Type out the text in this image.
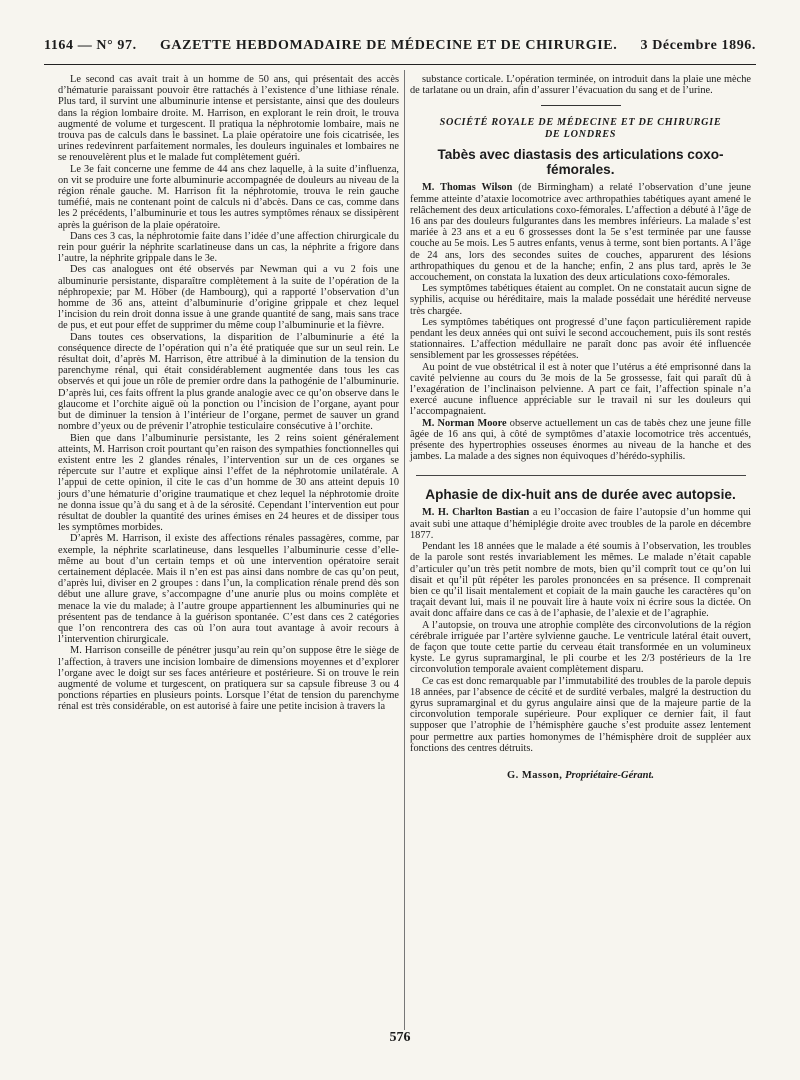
1164 — N° 97. GAZETTE HEBDOMADAIRE DE MÉDECINE ET DE CHIRURGIE. 3 Décembre 1896.

Le second cas avait trait à un homme de 50 ans, qui présentait des accès d’hématurie paraissant pouvoir être rattachés à l’existence d’une lithiase rénale. Plus tard, il survint une albuminurie intense et persistante, ainsi que des douleurs dans la région lombaire droite. M. Harrison, en explorant le rein droit, le trouva augmenté de volume et turgescent. Il pratiqua la néphrotomie lombaire, mais ne trouva pas de calculs dans le bassinet. La plaie opératoire une fois cicatrisée, les urines redevinrent parfaitement normales, les douleurs inguinales et lombaires ne se renouvelèrent plus et le malade fut complètement guéri.

Le 3e fait concerne une femme de 44 ans chez laquelle, à la suite d’influenza, on vit se produire une forte albuminurie accompagnée de douleurs au niveau de la région rénale gauche. M. Harrison fit la néphrotomie, trouva le rein gauche tuméfié, mais ne contenant point de calculs ni d’abcès. Dans ce cas, comme dans les 2 précédents, l’albuminurie et tous les autres symptômes rénaux se dissipèrent après la guérison de la plaie opératoire.

Dans ces 3 cas, la néphrotomie faite dans l’idée d’une affection chirurgicale du rein pour guérir la néphrite scarlatineuse dans un cas, la néphrite a frigore dans l’autre, la néphrite grippale dans le 3e.

Des cas analogues ont été observés par Newman qui a vu 2 fois une albuminurie persistante, disparaître complètement à la suite de l’opération de la néphropexie; par M. Höber (de Hambourg), qui a rapporté l’observation d’un homme de 36 ans, atteint d’albuminurie d’origine grippale et chez lequel l’incision du rein droit donna issue à une grande quantité de sang, mais sans trace de pus, et eut pour effet de supprimer du même coup l’albuminurie et la fièvre.

Dans toutes ces observations, la disparition de l’albuminurie a été la conséquence directe de l’opération qui n’a été pratiquée que sur un seul rein. Le résultat doit, d’après M. Harrison, être attribué à la diminution de la tension du parenchyme rénal, qui était considérablement augmentée dans tous les cas observés et qui joue un rôle de premier ordre dans la pathogénie de l’albuminurie. D’après lui, ces faits offrent la plus grande analogie avec ce qu’on observe dans le glaucome et l’orchite aiguë où la ponction ou l’incision de l’organe, ayant pour but de diminuer la tension à l’intérieur de l’organe, permet de sauver un grand nombre d’yeux ou de prévenir l’atrophie testiculaire consécutive à l’orchite.

Bien que dans l’albuminurie persistante, les 2 reins soient généralement atteints, M. Harrison croit pourtant qu’en raison des sympathies fonctionnelles qui existent entre les 2 glandes rénales, l’intervention sur un de ces organes se répercute sur l’autre et explique ainsi l’effet de la néphrotomie unilatérale. A l’appui de cette opinion, il cite le cas d’un homme de 30 ans atteint depuis 10 jours d’une hématurie d’origine traumatique et chez lequel la néphrotomie droite ne donna issue qu’à du sang et à de la sérosité. Cependant l’intervention eut pour résultat de doubler la quantité des urines émises en 24 heures et de dissiper tous les symptômes morbides.

D’après M. Harrison, il existe des affections rénales passagères, comme, par exemple, la néphrite scarlatineuse, dans lesquelles l’albuminurie cesse d’elle-même au bout d’un certain temps et où une intervention opératoire serait certainement déplacée. Mais il n’en est pas ainsi dans nombre de cas qu’on peut, d’après lui, diviser en 2 groupes : dans l’un, la complication rénale prend dès son début une allure grave, s’accompagne d’une anurie plus ou moins complète et menace la vie du malade; à l’autre groupe appartiennent les albuminuries qui ne présentent pas de tendance à la guérison spontanée. C’est dans ces 2 catégories que l’on rencontrera des cas où l’on aura tout avantage à avoir recours à l’intervention chirurgicale.

M. Harrison conseille de pénétrer jusqu’au rein qu’on suppose être le siège de l’affection, à travers une incision lombaire de dimensions moyennes et d’explorer l’organe avec le doigt sur ses faces antérieure et postérieure. Si on trouve le rein augmenté de volume et turgescent, on pratiquera sur sa capsule fibreuse 3 ou 4 ponctions réparties en plusieurs points. Lorsque l’état de tension du parenchyme rénal est très considérable, on est autorisé à faire une petite incision à travers la

substance corticale. L’opération terminée, on introduit dans la plaie une mèche de tarlatane ou un drain, afin d’assurer l’évacuation du sang et de l’urine.

SOCIÉTÉ ROYALE DE MÉDECINE ET DE CHIRURGIE
DE LONDRES
Tabès avec diastasis des articulations coxo-fémorales.

M. Thomas Wilson (de Birmingham) a relaté l’observation d’une jeune femme atteinte d’ataxie locomotrice avec arthropathies tabétiques ayant amené le relâchement des deux articulations coxo-fémorales. L’affection a débuté à l’âge de 16 ans par des douleurs fulgurantes dans les membres inférieurs. La malade s’est mariée à 23 ans et a eu 6 grossesses dont la 5e s’est terminée par une fausse couche au 5e mois. Les 5 autres enfants, venus à terme, sont bien portants. A l’âge de 24 ans, lors des secondes suites de couches, apparurent des lésions arthropathiques du genou et de la hanche; enfin, 2 ans plus tard, après le 3e accouchement, on constata la luxation des deux articulations coxo-fémorales.

Les symptômes tabétiques étaient au complet. On ne constatait aucun signe de syphilis, acquise ou héréditaire, mais la malade possédait une hérédité nerveuse très chargée.

Les symptômes tabétiques ont progressé d’une façon particulièrement rapide pendant les deux années qui ont suivi le second accouchement, puis ils sont restés stationnaires. L’affection médullaire ne paraît donc pas avoir été influencée sensiblement par les grossesses répétées.

Au point de vue obstétrical il est à noter que l’utérus a été emprisonné dans la cavité pelvienne au cours du 3e mois de la 5e grossesse, fait qui paraît dû à l’exagération de l’inclinaison pelvienne. A part ce fait, l’affection spinale n’a exercé aucune influence appréciable sur le travail ni sur les douleurs qui l’accompagnaient.

M. Norman Moore observe actuellement un cas de tabès chez une jeune fille âgée de 16 ans qui, à côté de symptômes d’ataxie locomotrice très accentués, présente des hypertrophies osseuses énormes au niveau de la hanche et des jambes. La malade a des signes non équivoques d’hérédo-syphilis.

Aphasie de dix-huit ans de durée avec autopsie.

M. H. Charlton Bastian a eu l’occasion de faire l’autopsie d’un homme qui avait subi une attaque d’hémiplégie droite avec troubles de la parole en décembre 1877.

Pendant les 18 années que le malade a été soumis à l’observation, les troubles de la parole sont restés invariablement les mêmes. Le malade n’était capable d’articuler qu’un très petit nombre de mots, bien qu’il comprît tout ce qu’on lui disait et qu’il pût répéter les paroles prononcées en sa présence. Il comprenait bien ce qu’il lisait mentalement et copiait de la main gauche les caractères qu’on traçait devant lui, mais il ne pouvait lire à haute voix ni écrire sous la dictée. On avait donc affaire dans ce cas à de l’aphasie, de l’alexie et de l’agraphie.

A l’autopsie, on trouva une atrophie complète des circonvolutions de la région cérébrale irriguée par l’artère sylvienne gauche. Le ventricule latéral était ouvert, de façon que toute cette partie du cerveau était transformée en un volumineux kyste. Le gyrus supramarginal, le pli courbe et les 2/3 postérieurs de la 1re circonvolution temporale avaient complètement disparu.

Ce cas est donc remarquable par l’immutabilité des troubles de la parole depuis 18 années, par l’absence de cécité et de surdité verbales, malgré la destruction du gyrus supramarginal et du gyrus angulaire ainsi que de la majeure partie de la circonvolution temporale supérieure. Pour expliquer ce dernier fait, il faut supposer que l’atrophie de l’hémisphère gauche s’est produite assez lentement pour permettre aux parties homonymes de l’hémisphère droit de suppléer aux fonctions des centres détruits.

G. Masson, Propriétaire-Gérant.
576
